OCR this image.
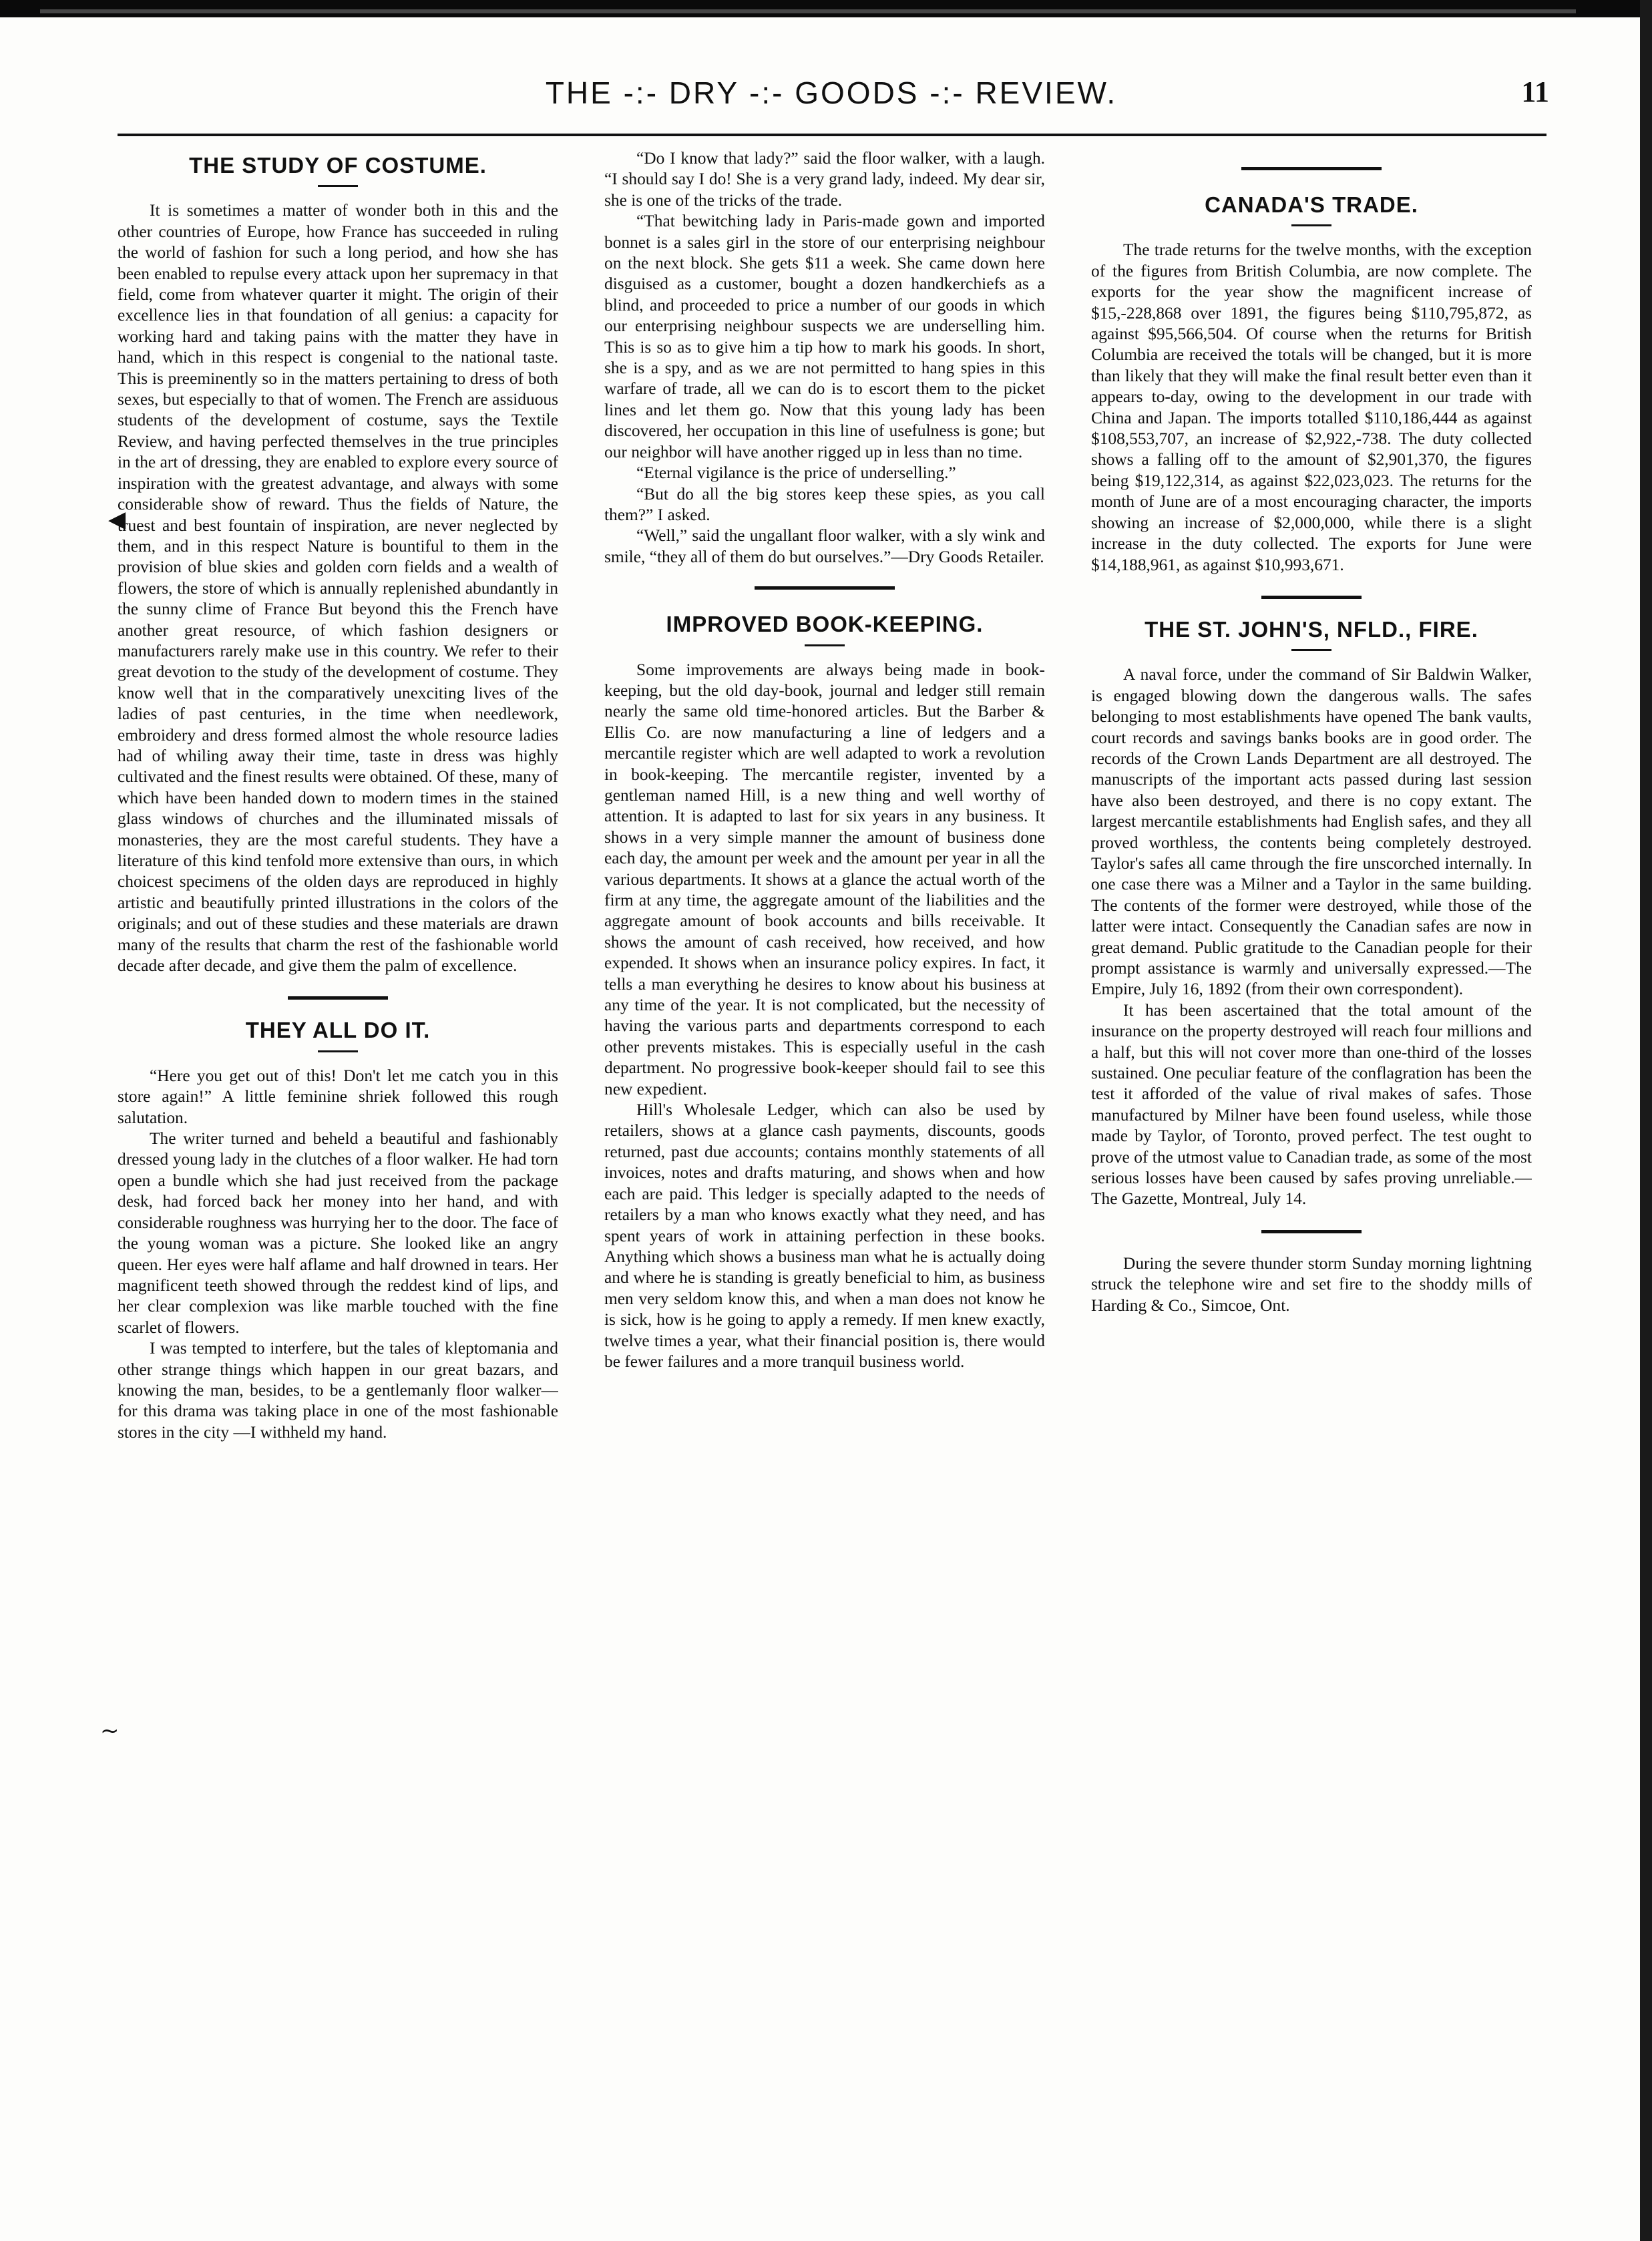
THE -:- DRY -:- GOODS -:- REVIEW.	11
THE STUDY OF COSTUME.

It is sometimes a matter of wonder both in this and the other countries of Europe, how France has succeeded in ruling the world of fashion for such a long period, and how she has been enabled to repulse every attack upon her supremacy in that field, come from whatever quarter it might. The origin of their excellence lies in that foundation of all genius: a capacity for working hard and taking pains with the matter they have in hand, which in this respect is congenial to the national taste. This is preeminently so in the matters pertaining to dress of both sexes, but especially to that of women. The French are assiduous students of the development of costume, says the Textile Review, and having perfected themselves in the true principles in the art of dressing, they are enabled to explore every source of inspiration with the greatest advantage, and always with some considerable show of reward. Thus the fields of Nature, the truest and best fountain of inspiration, are never neglected by them, and in this respect Nature is bountiful to them in the provision of blue skies and golden corn fields and a wealth of flowers, the store of which is annually replenished abundantly in the sunny clime of France But beyond this the French have another great resource, of which fashion designers or manufacturers rarely make use in this country. We refer to their great devotion to the study of the development of costume. They know well that in the comparatively unexciting lives of the ladies of past centuries, in the time when needlework, embroidery and dress formed almost the whole resource ladies had of whiling away their time, taste in dress was highly cultivated and the finest results were obtained. Of these, many of which have been handed down to modern times in the stained glass windows of churches and the illuminated missals of monasteries, they are the most careful students. They have a literature of this kind tenfold more extensive than ours, in which choicest specimens of the olden days are reproduced in highly artistic and beautifully printed illustrations in the colors of the originals; and out of these studies and these materials are drawn many of the results that charm the rest of the fashionable world decade after decade, and give them the palm of excellence.

THEY ALL DO IT.

“Here you get out of this! Don't let me catch you in this store again!” A little feminine shriek followed this rough salutation.

The writer turned and beheld a beautiful and fashionably dressed young lady in the clutches of a floor walker. He had torn open a bundle which she had just received from the package desk, had forced back her money into her hand, and with considerable roughness was hurrying her to the door. The face of the young woman was a picture. She looked like an angry queen. Her eyes were half aflame and half drowned in tears. Her magnificent teeth showed through the reddest kind of lips, and her clear complexion was like marble touched with the fine scarlet of flowers.

I was tempted to interfere, but the tales of kleptomania and other strange things which happen in our great bazars, and knowing the man, besides, to be a gentlemanly floor walker—for this drama was taking place in one of the most fashionable stores in the city —I withheld my hand.

“Do I know that lady?” said the floor walker, with a laugh. “I should say I do! She is a very grand lady, indeed. My dear sir, she is one of the tricks of the trade.

“That bewitching lady in Paris-made gown and imported bonnet is a sales girl in the store of our enterprising neighbour on the next block. She gets $11 a week. She came down here disguised as a customer, bought a dozen handkerchiefs as a blind, and proceeded to price a number of our goods in which our enterprising neighbour suspects we are underselling him. This is so as to give him a tip how to mark his goods. In short, she is a spy, and as we are not permitted to hang spies in this warfare of trade, all we can do is to escort them to the picket lines and let them go. Now that this young lady has been discovered, her occupation in this line of usefulness is gone; but our neighbor will have another rigged up in less than no time.

“Eternal vigilance is the price of underselling.”

“But do all the big stores keep these spies, as you call them?” I asked.

“Well,” said the ungallant floor walker, with a sly wink and smile, “they all of them do but ourselves.”—Dry Goods Retailer.

IMPROVED BOOK-KEEPING.

Some improvements are always being made in book-keeping, but the old day-book, journal and ledger still remain nearly the same old time-honored articles. But the Barber & Ellis Co. are now manufacturing a line of ledgers and a mercantile register which are well adapted to work a revolution in book-keeping. The mercantile register, invented by a gentleman named Hill, is a new thing and well worthy of attention. It is adapted to last for six years in any business. It shows in a very simple manner the amount of business done each day, the amount per week and the amount per year in all the various departments. It shows at a glance the actual worth of the firm at any time, the aggregate amount of the liabilities and the aggregate amount of book accounts and bills receivable. It shows the amount of cash received, how received, and how expended. It shows when an insurance policy expires. In fact, it tells a man everything he desires to know about his business at any time of the year. It is not complicated, but the necessity of having the various parts and departments correspond to each other prevents mistakes. This is especially useful in the cash department. No progressive book-keeper should fail to see this new expedient.

Hill's Wholesale Ledger, which can also be used by retailers, shows at a glance cash payments, discounts, goods returned, past due accounts; contains monthly statements of all invoices, notes and drafts maturing, and shows when and how each are paid. This ledger is specially adapted to the needs of retailers by a man who knows exactly what they need, and has spent years of work in attaining perfection in these books. Anything which shows a business man what he is actually doing and where he is standing is greatly beneficial to him, as business men very seldom know this, and when a man does not know he is sick, how is he going to apply a remedy. If men knew exactly, twelve times a year, what their financial position is, there would be fewer failures and a more tranquil business world.

CANADA'S TRADE.

The trade returns for the twelve months, with the exception of the figures from British Columbia, are now complete. The exports for the year show the magnificent increase of $15,-228,868 over 1891, the figures being $110,795,872, as against $95,566,504. Of course when the returns for British Columbia are received the totals will be changed, but it is more than likely that they will make the final result better even than it appears to-day, owing to the development in our trade with China and Japan. The imports totalled $110,186,444 as against $108,553,707, an increase of $2,922,-738. The duty collected shows a falling off to the amount of $2,901,370, the figures being $19,122,314, as against $22,023,023. The returns for the month of June are of a most encouraging character, the imports showing an increase of $2,000,000, while there is a slight increase in the duty collected. The exports for June were $14,188,961, as against $10,993,671.

THE ST. JOHN'S, NFLD., FIRE.

A naval force, under the command of Sir Baldwin Walker, is engaged blowing down the dangerous walls. The safes belonging to most establishments have opened The bank vaults, court records and savings banks books are in good order. The records of the Crown Lands Department are all destroyed. The manuscripts of the important acts passed during last session have also been destroyed, and there is no copy extant. The largest mercantile establishments had English safes, and they all proved worthless, the contents being completely destroyed. Taylor's safes all came through the fire unscorched internally. In one case there was a Milner and a Taylor in the same building. The contents of the former were destroyed, while those of the latter were intact. Consequently the Canadian safes are now in great demand. Public gratitude to the Canadian people for their prompt assistance is warmly and universally expressed.—The Empire, July 16, 1892 (from their own correspondent).

It has been ascertained that the total amount of the insurance on the property destroyed will reach four millions and a half, but this will not cover more than one-third of the losses sustained. One peculiar feature of the conflagration has been the test it afforded of the value of rival makes of safes. Those manufactured by Milner have been found useless, while those made by Taylor, of Toronto, proved perfect. The test ought to prove of the utmost value to Canadian trade, as some of the most serious losses have been caused by safes proving unreliable.—The Gazette, Montreal, July 14.

During the severe thunder storm Sunday morning lightning struck the telephone wire and set fire to the shoddy mills of Harding & Co., Simcoe, Ont.

◀
~
